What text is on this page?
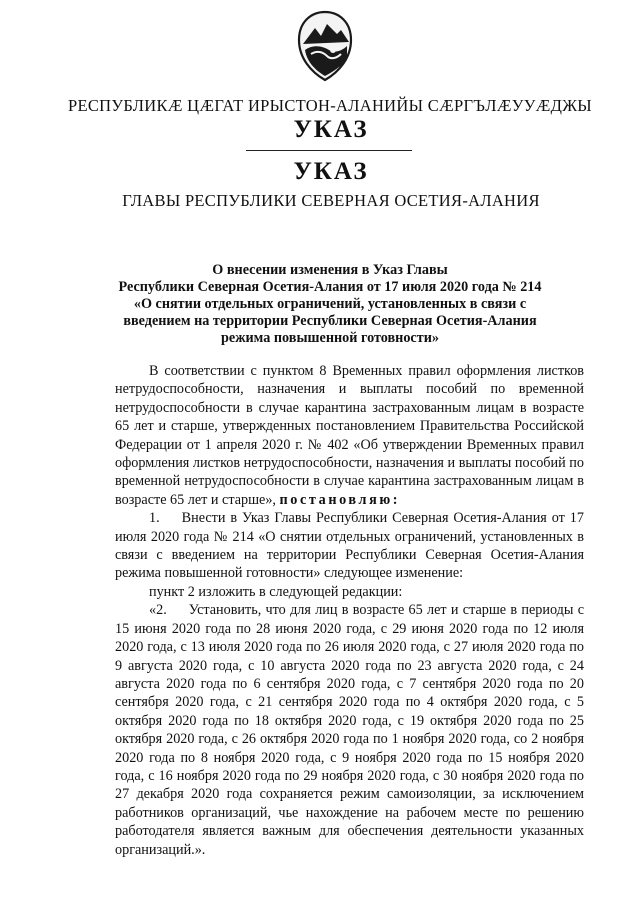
РЕСПУБЛИКӔ ЦӔГАТ ИРЫСТОН-АЛАНИЙЫ СӔРГЪЛӔУУӔДЖЫ
УКАЗ
УКАЗ
ГЛАВЫ РЕСПУБЛИКИ СЕВЕРНАЯ ОСЕТИЯ-АЛАНИЯ
О внесении изменения в Указ Главы
Республики Северная Осетия-Алания от 17 июля 2020 года № 214
«О снятии отдельных ограничений, установленных в связи с
введением на территории Республики Северная Осетия-Алания
режима повышенной готовности»

В соответствии с пунктом 8 Временных правил оформления листков нетрудоспособности, назначения и выплаты пособий по временной нетрудоспособности в случае карантина застрахованным лицам в возрасте 65 лет и старше, утвержденных постановлением Правительства Российской Федерации от 1 апреля 2020 г. № 402 «Об утверждении Временных правил оформления листков нетрудоспособности, назначения и выплаты пособий по временной нетрудоспособности в случае карантина застрахованным лицам в возрасте 65 лет и старше», постановляю:

1. Внести в Указ Главы Республики Северная Осетия-Алания от 17 июля 2020 года № 214 «О снятии отдельных ограничений, установленных в связи с введением на территории Республики Северная Осетия-Алания режима повышенной готовности» следующее изменение:

пункт 2 изложить в следующей редакции:

«2. Установить, что для лиц в возрасте 65 лет и старше в периоды с 15 июня 2020 года по 28 июня 2020 года, с 29 июня 2020 года по 12 июля 2020 года, с 13 июля 2020 года по 26 июля 2020 года, с 27 июля 2020 года по 9 августа 2020 года, с 10 августа 2020 года по 23 августа 2020 года, с 24 августа 2020 года по 6 сентября 2020 года, с 7 сентября 2020 года по 20 сентября 2020 года, с 21 сентября 2020 года по 4 октября 2020 года, с 5 октября 2020 года по 18 октября 2020 года, с 19 октября 2020 года по 25 октября 2020 года, с 26 октября 2020 года по 1 ноября 2020 года, со 2 ноября 2020 года по 8 ноября 2020 года, с 9 ноября 2020 года по 15 ноября 2020 года, с 16 ноября 2020 года по 29 ноября 2020 года, с 30 ноября 2020 года по 27 декабря 2020 года сохраняется режим самоизоляции, за исключением работников организаций, чье нахождение на рабочем месте по решению работодателя является важным для обеспечения деятельности указанных организаций.».
